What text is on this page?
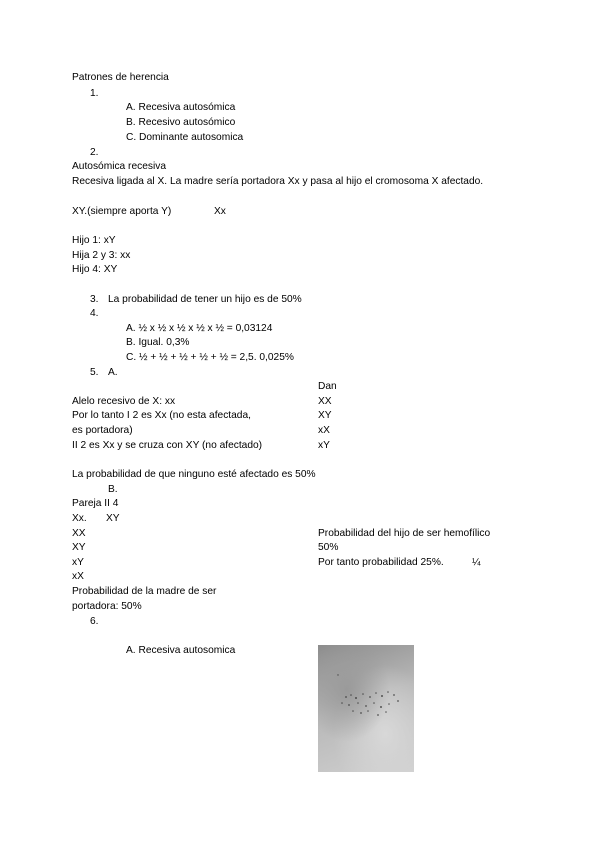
Patrones de herencia
1.
A. Recesiva autosómica
B. Recesivo autosómico
C. Dominante autosomica
2.
Autosómica recesiva
Recesiva ligada al X. La madre sería portadora Xx y pasa al hijo el cromosoma X afectado.
XY.(siempre aporta Y)	Xx
Hijo 1: xY
Hija 2 y 3: xx
Hijo 4: XY
3. La probabilidad de tener un hijo es de 50%
4.
A. ½ x ½ x ½ x ½ x ½ = 0,03124
B. Igual. 0,3%
C. ½ + ½ + ½ + ½ + ½ = 2,5. 0,025%
5. A.
Dan
Alelo recesivo de X: xx	XX
Por lo tanto I 2 es Xx (no esta afectada,	XY
es portadora)	xX
II 2 es Xx y se cruza con XY (no afectado)	xY
La probabilidad de que ninguno esté afectado es 50%
B.
Pareja II 4
Xx. XY
XX	Probabilidad del hijo de ser hemofílico
XY	50%
xY	Por tanto probabilidad 25%.	¼
xX
Probabilidad de la madre de ser
portadora: 50%
6.
A. Recesiva autosomica
